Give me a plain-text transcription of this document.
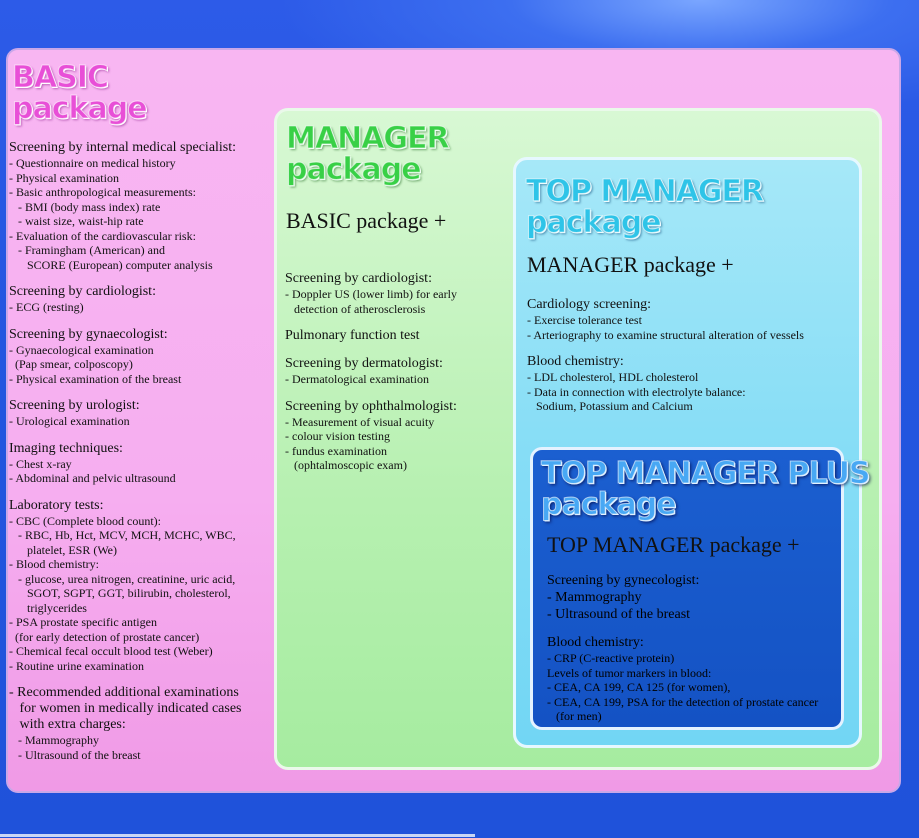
BASIC
package
MANAGER
package
TOP MANAGER
package
TOP MANAGER PLUS
package

BASIC package +

MANAGER package +

TOP MANAGER package +

Screening by internal medical specialist:
- Questionnaire on medical history
- Physical examination
- Basic anthropological measurements:
- BMI (body mass index) rate
- waist size, waist-hip rate
- Evaluation of the cardiovascular risk:
- Framingham (American) and
SCORE (European) computer analysis
Screening by cardiologist:
- ECG (resting)
Screening by gynaecologist:
- Gynaecological examination
(Pap smear, colposcopy)
- Physical examination of the breast
Screening by urologist:
- Urological examination
Imaging techniques:
- Chest x-ray
- Abdominal and pelvic ultrasound
Laboratory tests:
- CBC (Complete blood count):
- RBC, Hb, Hct, MCV, MCH, MCHC, WBC,
platelet, ESR (We)
- Blood chemistry:
- glucose, urea nitrogen, creatinine, uric acid,
SGOT, SGPT, GGT, bilirubin, cholesterol,
triglycerides
- PSA prostate specific antigen
(for early detection of prostate cancer)
- Chemical fecal occult blood test (Weber)
- Routine urine examination
- Recommended additional examinations
for women in medically indicated cases
with extra charges:
- Mammography
- Ultrasound of the breast
Screening by cardiologist:
- Doppler US (lower limb) for early
detection of atherosclerosis
Pulmonary function test
Screening by dermatologist:
- Dermatological examination
Screening by ophthalmologist:
- Measurement of visual acuity
- colour vision testing
- fundus examination
(ophtalmoscopic exam)
Cardiology screening:
- Exercise tolerance test
- Arteriography to examine structural alteration of vessels
Blood chemistry:
- LDL cholesterol, HDL cholesterol
- Data in connection with electrolyte balance:
Sodium, Potassium and Calcium
Screening by gynecologist:
- Mammography
- Ultrasound of the breast
Blood chemistry:
- CRP (C-reactive protein)
Levels of tumor markers in blood:
- CEA, CA 199, CA 125 (for women),
- CEA, CA 199, PSA for the detection of prostate cancer
(for men)
